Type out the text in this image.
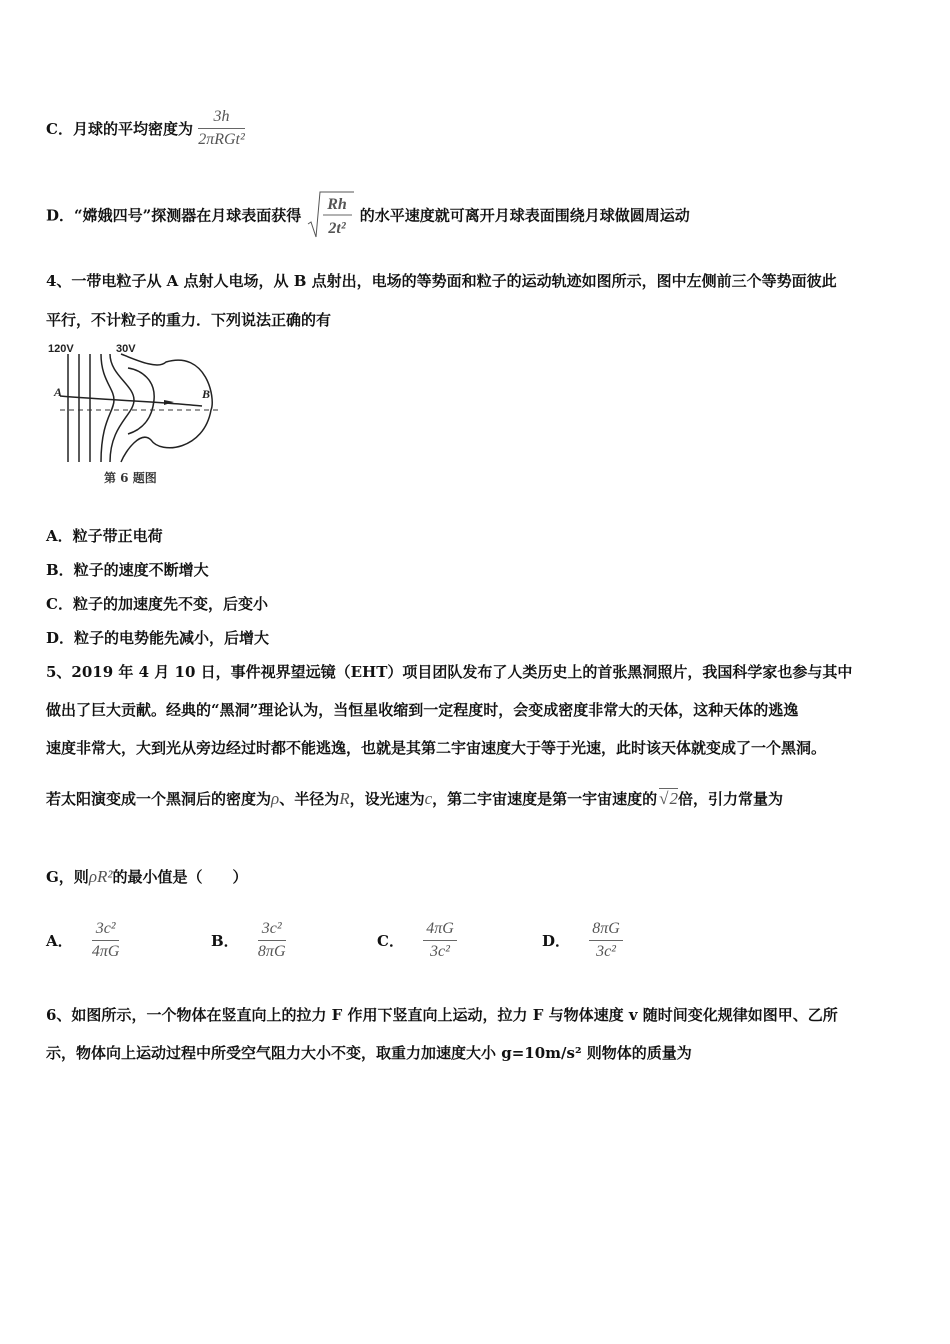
C．月球的平均密度为 $\frac{3h}{\text{2πRGt²}}$
D．“嫦娥四号”探测器在月球表面获得
Rh
2t²
的水平速度就可离开月球表面围绕月球做圆周运动
4、一带电粒子从 A 点射人电场，从 B 点射出，电场的等势面和粒子的运动轨迹如图所示，图中左侧前三个等势面彼此
平行，不计粒子的重力．下列说法正确的有
120V	30V
A	B
第 6 题图
A．粒子带正电荷
B．粒子的速度不断增大
C．粒子的加速度先不变，后变小
D．粒子的电势能先减小，后增大
5、2019 年 4 月 10 日，事件视界望远镜（EHT）项目团队发布了人类历史上的首张黑洞照片，我国科学家也参与其中
做出了巨大贡献。经典的“黑洞”理论认为，当恒星收缩到一定程度时，会变成密度非常大的天体，这种天体的逃逸
速度非常大，大到光从旁边经过时都不能逃逸，也就是其第二宇宙速度大于等于光速，此时该天体就变成了一个黑洞。
若太阳演变成一个黑洞后的密度为ρ、半径为R，设光速为c，第二宇宙速度是第一宇宙速度的 √2倍，引力常量为
G，则ρR²的最小值是（　　）
A． $\frac{\text{3c²}}{4\pi G}$	B． $\frac{\text{3c²}}{8\pi G}$	C． $\frac{4\pi G}{\text{3c²}}$	D． $\frac{8\pi G}{\text{3c²}}$
6、如图所示，一个物体在竖直向上的拉力 F 作用下竖直向上运动，拉力 F 与物体速度 v 随时间变化规律如图甲、乙所
示，物体向上运动过程中所受空气阻力大小不变，取重力加速度大小 g=10m/s² 则物体的质量为
